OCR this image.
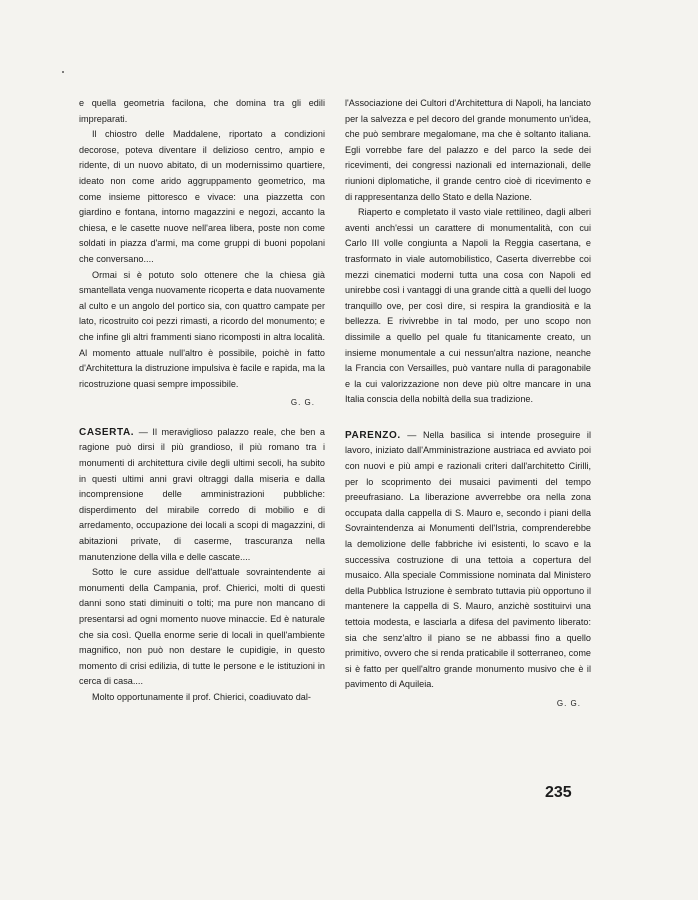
e quella geometria facilona, che domina tra gli edili impreparati.

Il chiostro delle Maddalene, riportato a condizioni decorose, poteva diventare il delizioso centro, ampio e ridente, di un nuovo abitato, di un modernissimo quartiere, ideato non come arido aggruppamento geometrico, ma come insieme pittoresco e vivace: una piazzetta con giardino e fontana, intorno magazzini e negozi, accanto la chiesa, e le casette nuove nell'area libera, poste non come soldati in piazza d'armi, ma come gruppi di buoni popolani che conversano....

Ormai si è potuto solo ottenere che la chiesa già smantellata venga nuovamente ricoperta e data nuovamente al culto e un angolo del portico sia, con quattro campate per lato, ricostruito coi pezzi rimasti, a ricordo del monumento; e che infine gli altri frammenti siano ricomposti in altra località. Al momento attuale null'altro è possibile, poichè in fatto d'Architettura la distruzione impulsiva è facile e rapida, ma la ricostruzione quasi sempre impossibile.

G. G.

CASERTA. — Il meraviglioso palazzo reale, che ben a ragione può dirsi il più grandioso, il più romano tra i monumenti di architettura civile degli ultimi secoli, ha subito in questi ultimi anni gravi oltraggi dalla miseria e dalla incomprensione delle amministrazioni pubbliche: disperdimento del mirabile corredo di mobilio e di arredamento, occupazione dei locali a scopi di magazzini, di abitazioni private, di caserme, trascuranza nella manutenzione della villa e delle cascate....

Sotto le cure assidue dell'attuale sovraintendente ai monumenti della Campania, prof. Chierici, molti di questi danni sono stati diminuiti o tolti; ma pure non mancano di presentarsi ad ogni momento nuove minaccie. Ed è naturale che sia così. Quella enorme serie di locali in quell'ambiente magnifico, non può non destare le cupidigie, in questo momento di crisi edilizia, di tutte le persone e le istituzioni in cerca di casa....

Molto opportunamente il prof. Chierici, coadiuvato dal-

l'Associazione dei Cultori d'Architettura di Napoli, ha lanciato per la salvezza e pel decoro del grande monumento un'idea, che può sembrare megalomane, ma che è soltanto italiana. Egli vorrebbe fare del palazzo e del parco la sede dei ricevimenti, dei congressi nazionali ed internazionali, delle riunioni diplomatiche, il grande centro cioè di ricevimento e di rappresentanza dello Stato e della Nazione.

Riaperto e completato il vasto viale rettilineo, dagli alberi aventi anch'essi un carattere di monumentalità, con cui Carlo III volle congiunta a Napoli la Reggia casertana, e trasformato in viale automobilistico, Caserta diverrebbe coi mezzi cinematici moderni tutta una cosa con Napoli ed unirebbe così i vantaggi di una grande città a quelli del luogo tranquillo ove, per così dire, si respira la grandiosità e la bellezza. E rivivrebbe in tal modo, per uno scopo non dissimile a quello pel quale fu titanicamente creato, un insieme monumentale a cui nessun'altra nazione, neanche la Francia con Versailles, può vantare nulla di paragonabile e la cui valorizzazione non deve più oltre mancare in una Italia conscia della nobiltà della sua tradizione.

PARENZO. — Nella basilica si intende proseguire il lavoro, iniziato dall'Amministrazione austriaca ed avviato poi con nuovi e più ampi e razionali criteri dall'architetto Cirilli, per lo scoprimento dei musaici pavimenti del tempo preeufrasiano. La liberazione avverrebbe ora nella zona occupata dalla cappella di S. Mauro e, secondo i piani della Sovraintendenza ai Monumenti dell'Istria, comprenderebbe la demolizione delle fabbriche ivi esistenti, lo scavo e la successiva costruzione di una tettoia a copertura del musaico. Alla speciale Commissione nominata dal Ministero della Pubblica Istruzione è sembrato tuttavia più opportuno il mantenere la cappella di S. Mauro, anzichè sostituirvi una tettoia modesta, e lasciarla a difesa del pavimento liberato: sia che senz'altro il piano se ne abbassi fino a quello primitivo, ovvero che si renda praticabile il sotterraneo, come si è fatto per quell'altro grande monumento musivo che è il pavimento di Aquileia.

G. G.
235
